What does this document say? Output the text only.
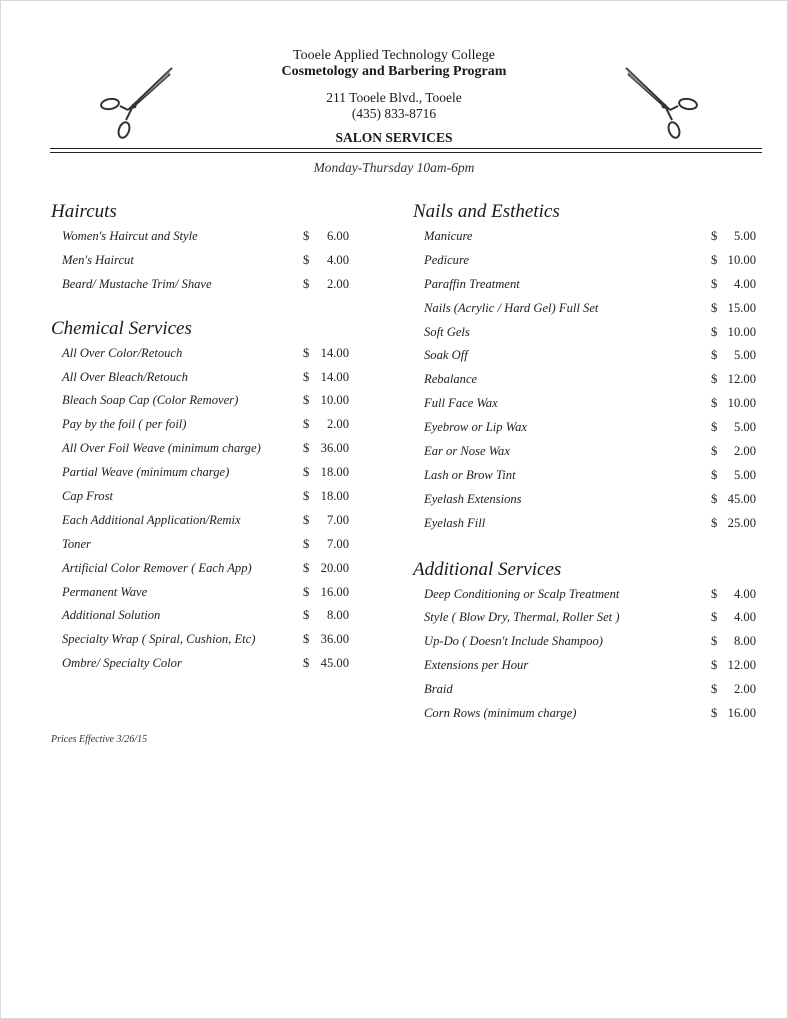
Tooele Applied Technology College
Cosmetology and Barbering Program
211 Tooele Blvd., Tooele
(435) 833-8716
SALON SERVICES
Monday-Thursday 10am-6pm
Haircuts
Women's Haircut and Style	$	6.00
Men's Haircut	$	4.00
Beard/ Mustache Trim/ Shave	$	2.00
Chemical Services
All Over Color/Retouch	$ 14.00
All Over Bleach/Retouch	$ 14.00
Bleach Soap Cap (Color Remover)	$ 10.00
Pay by the foil ( per foil)	$	2.00
All Over Foil Weave (minimum charge)	$ 36.00
Partial Weave (minimum charge)	$ 18.00
Cap Frost	$ 18.00
Each Additional Application/Remix	$	7.00
Toner	$	7.00
Artificial Color Remover ( Each App)	$ 20.00
Permanent Wave	$ 16.00
Additional Solution	$	8.00
Specialty Wrap ( Spiral, Cushion, Etc)	$ 36.00
Ombre/ Specialty Color	$ 45.00
Nails and Esthetics
Manicure	$	5.00
Pedicure	$ 10.00
Paraffin Treatment	$	4.00
Nails (Acrylic / Hard Gel) Full Set	$ 15.00
Soft Gels	$ 10.00
Soak Off	$	5.00
Rebalance	$ 12.00
Full Face Wax	$ 10.00
Eyebrow or Lip Wax	$	5.00
Ear or Nose Wax	$	2.00
Lash or Brow Tint	$	5.00
Eyelash Extensions	$ 45.00
Eyelash Fill	$ 25.00
Additional Services
Deep Conditioning or Scalp Treatment	$	4.00
Style ( Blow Dry, Thermal, Roller Set )	$	4.00
Up-Do ( Doesn't Include Shampoo)	$	8.00
Extensions per Hour	$ 12.00
Braid	$	2.00
Corn Rows (minimum charge)	$ 16.00
Prices Effective 3/26/15
